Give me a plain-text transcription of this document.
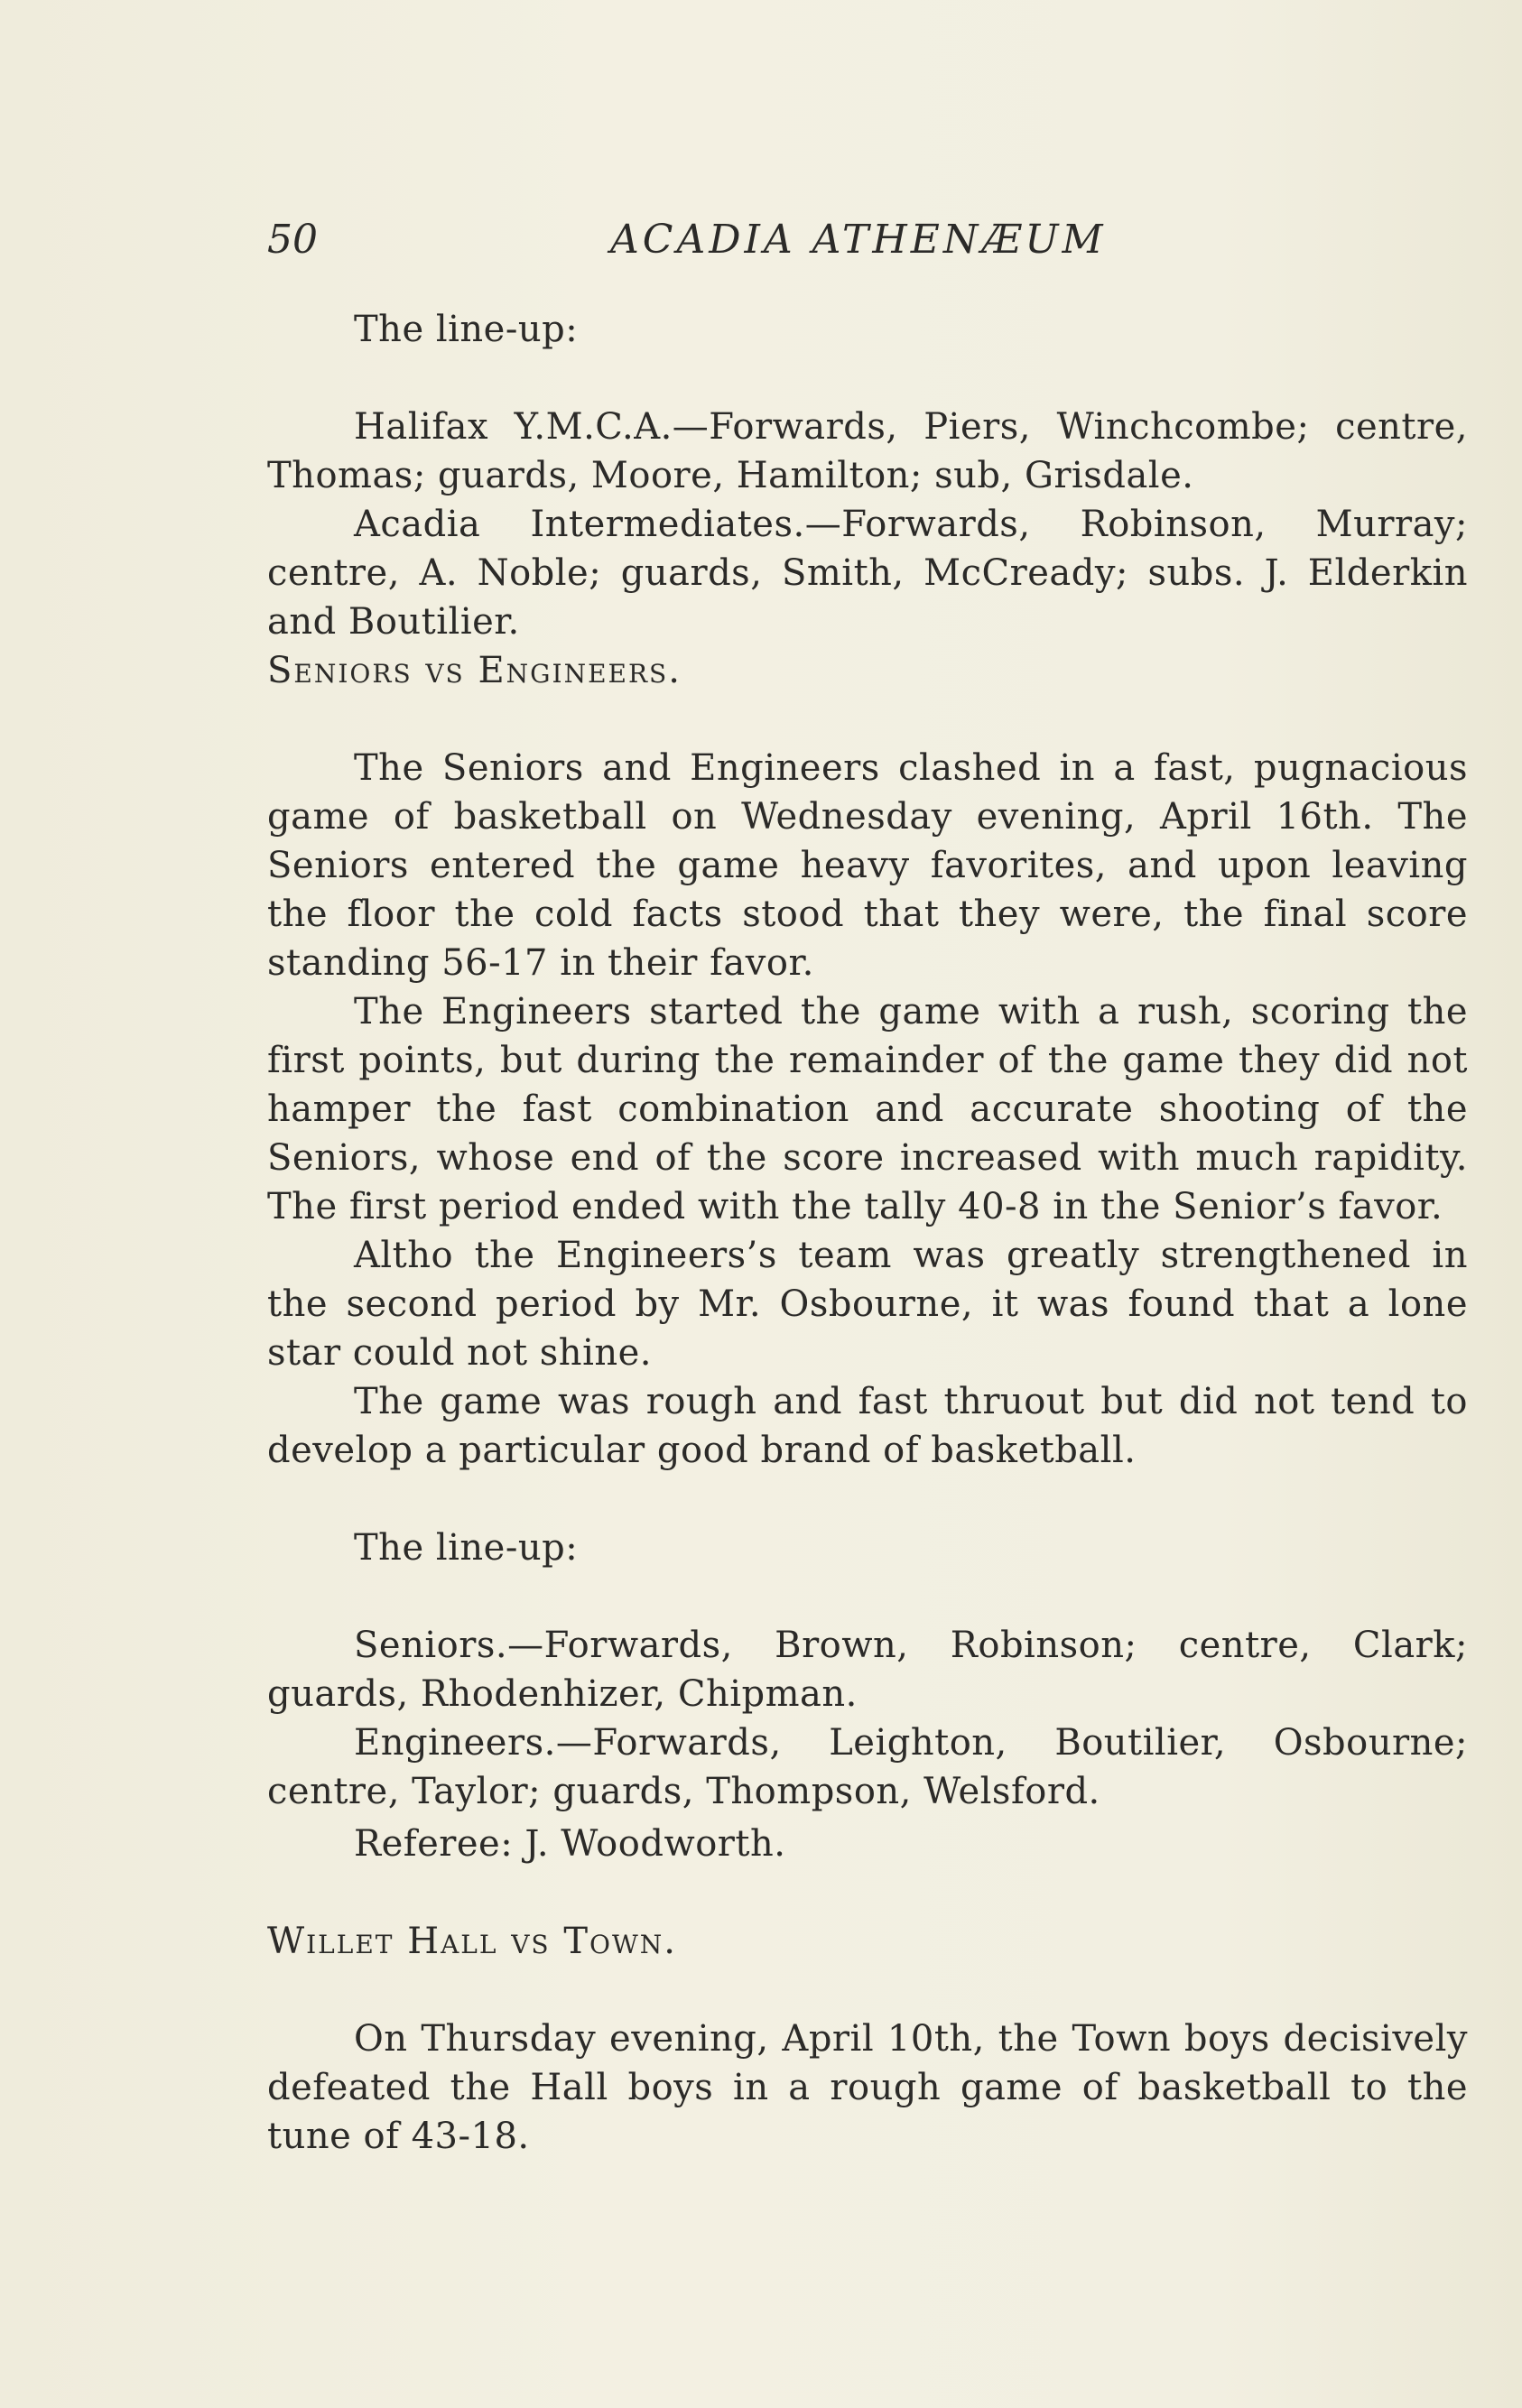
50	ACADIA ATHENÆUM

The line-up:

Halifax Y.M.C.A.—Forwards, Piers, Winchcombe; centre, Thomas; guards, Moore, Hamilton; sub, Grisdale.

Acadia Intermediates.—Forwards, Robinson, Murray; centre, A. Noble; guards, Smith, McCready; subs. J. Elderkin and Boutilier.

Seniors vs Engineers.

The Seniors and Engineers clashed in a fast, pugnacious game of basketball on Wednesday evening, April 16th. The Seniors entered the game heavy favorites, and upon leaving the floor the cold facts stood that they were, the final score standing 56-17 in their favor.

The Engineers started the game with a rush, scoring the first points, but during the remainder of the game they did not hamper the fast combination and accurate shooting of the Seniors, whose end of the score increased with much rapidity. The first period ended with the tally 40-8 in the Senior’s favor.

Altho the Engineers’s team was greatly strengthened in the second period by Mr. Osbourne, it was found that a lone star could not shine.

The game was rough and fast thruout but did not tend to develop a particular good brand of basketball.

The line-up:

Seniors.—Forwards, Brown, Robinson; centre, Clark; guards, Rhodenhizer, Chipman.

Engineers.—Forwards, Leighton, Boutilier, Osbourne; centre, Taylor; guards, Thompson, Welsford.

Referee: J. Woodworth.

Willet Hall vs Town.

On Thursday evening, April 10th, the Town boys decisively defeated the Hall boys in a rough game of basketball to the tune of 43-18.
